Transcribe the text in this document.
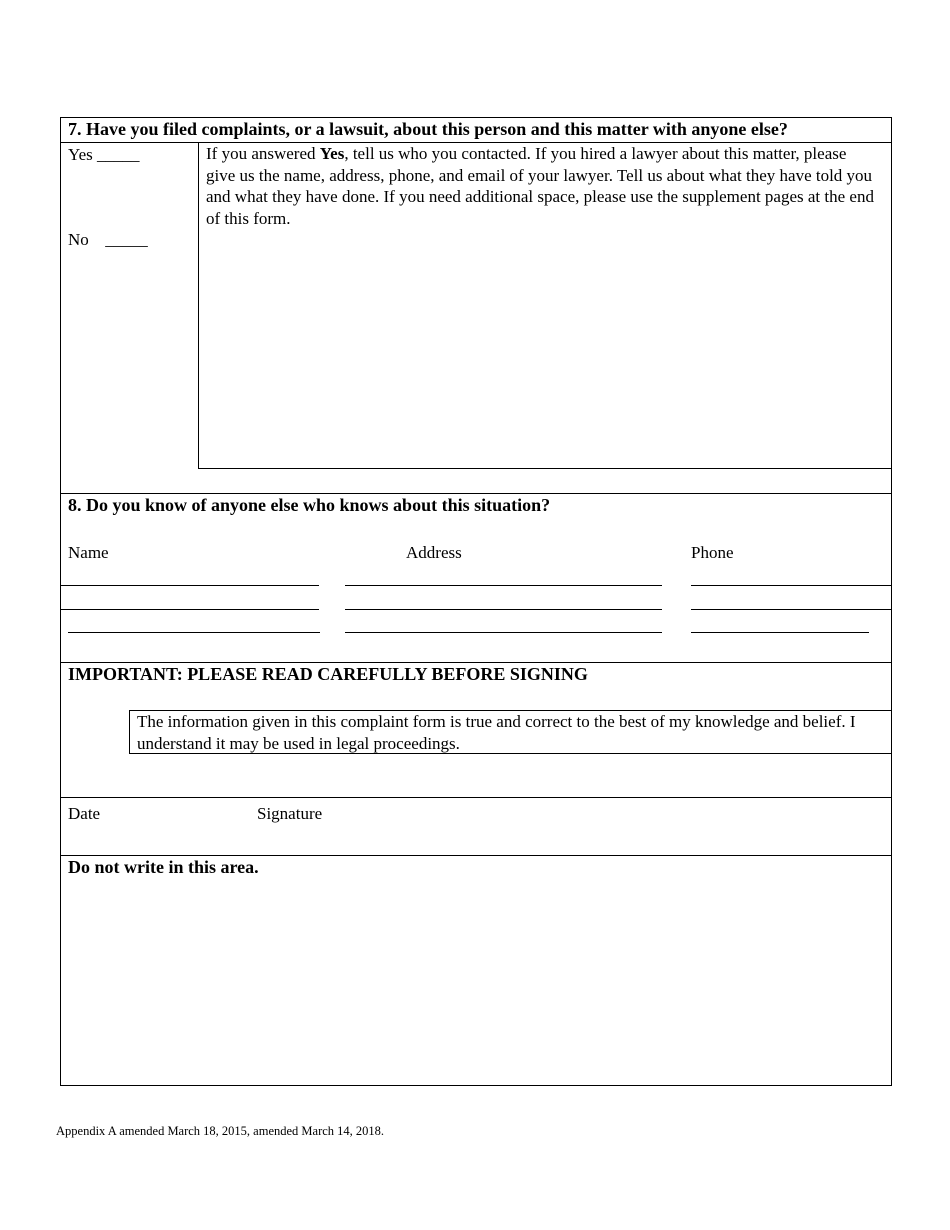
7. Have you filed complaints, or a lawsuit, about this person and this matter with anyone else?
Yes _____
No _____
If you answered Yes, tell us who you contacted. If you hired a lawyer about this matter, please give us the name, address, phone, and email of your lawyer. Tell us about what they have told you and what they have done. If you need additional space, please use the supplement pages at the end of this form.
8. Do you know of anyone else who knows about this situation?
Name	Address	Phone
IMPORTANT: PLEASE READ CAREFULLY BEFORE SIGNING
The information given in this complaint form is true and correct to the best of my knowledge and belief. I understand it may be used in legal proceedings.
Date	Signature
Do not write in this area.
Appendix A amended March 18, 2015, amended March 14, 2018.
